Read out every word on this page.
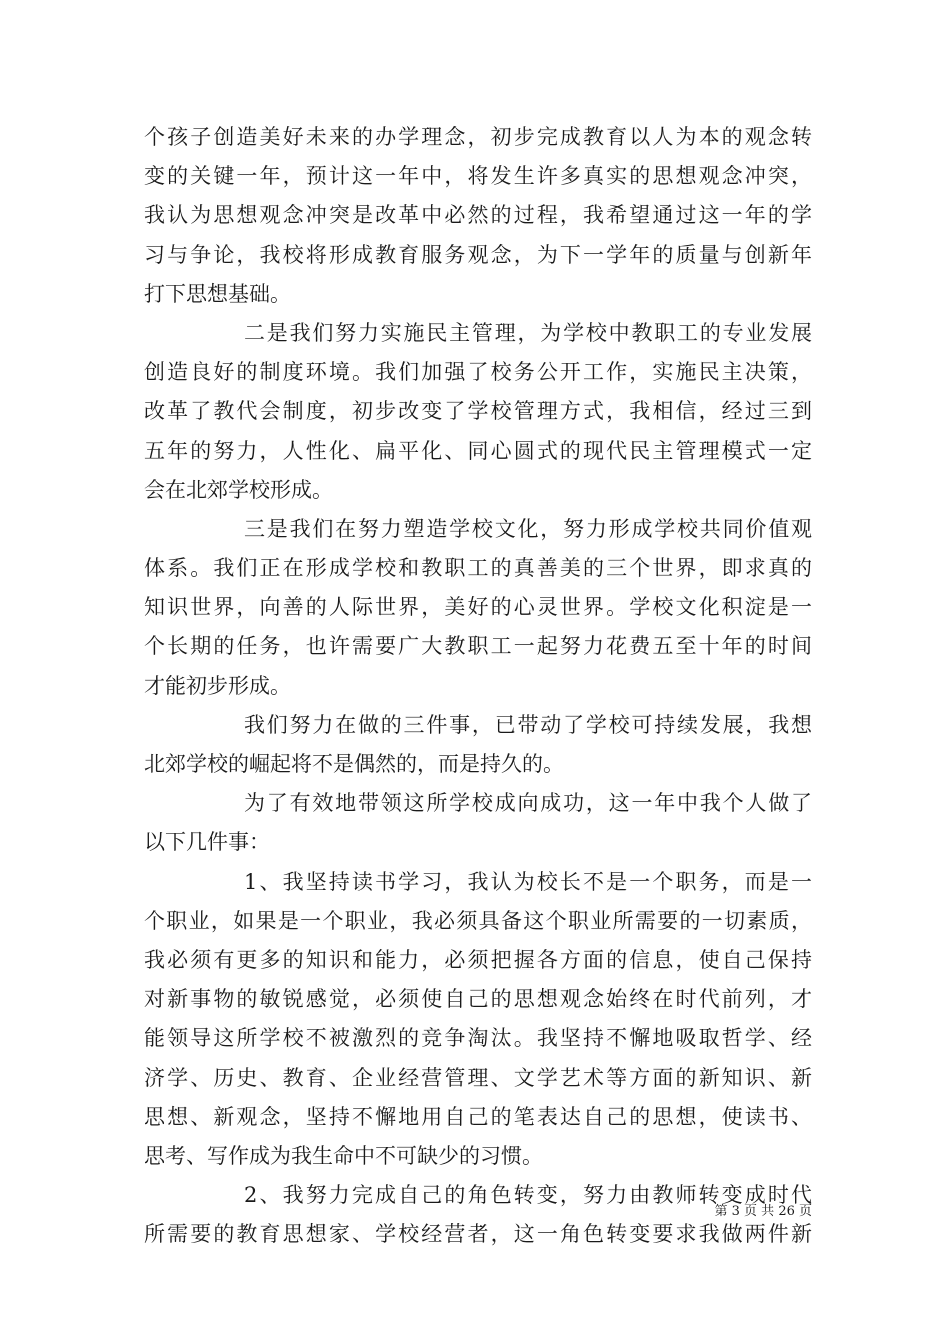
个孩子创造美好未来的办学理念，初步完成教育以人为本的观念转
变的关键一年，预计这一年中，将发生许多真实的思想观念冲突，
我认为思想观念冲突是改革中必然的过程，我希望通过这一年的学
习与争论，我校将形成教育服务观念，为下一学年的质量与创新年
打下思想基础。
二是我们努力实施民主管理，为学校中教职工的专业发展
创造良好的制度环境。我们加强了校务公开工作，实施民主决策，
改革了教代会制度，初步改变了学校管理方式，我相信，经过三到
五年的努力，人性化、扁平化、同心圆式的现代民主管理模式一定
会在北郊学校形成。
三是我们在努力塑造学校文化，努力形成学校共同价值观
体系。我们正在形成学校和教职工的真善美的三个世界，即求真的
知识世界，向善的人际世界，美好的心灵世界。学校文化积淀是一
个长期的任务，也许需要广大教职工一起努力花费五至十年的时间
才能初步形成。
我们努力在做的三件事，已带动了学校可持续发展，我想
北郊学校的崛起将不是偶然的，而是持久的。
为了有效地带领这所学校成向成功，这一年中我个人做了
以下几件事：
1、我坚持读书学习，我认为校长不是一个职务，而是一
个职业，如果是一个职业，我必须具备这个职业所需要的一切素质，
我必须有更多的知识和能力，必须把握各方面的信息，使自己保持
对新事物的敏锐感觉，必须使自己的思想观念始终在时代前列，才
能领导这所学校不被激烈的竞争淘汰。我坚持不懈地吸取哲学、经
济学、历史、教育、企业经营管理、文学艺术等方面的新知识、新
思想、新观念，坚持不懈地用自己的笔表达自己的思想，使读书、
思考、写作成为我生命中不可缺少的习惯。
2、我努力完成自己的角色转变，努力由教师转变成时代
所需要的教育思想家、学校经营者，这一角色转变要求我做两件新
第 3 页 共 26 页
